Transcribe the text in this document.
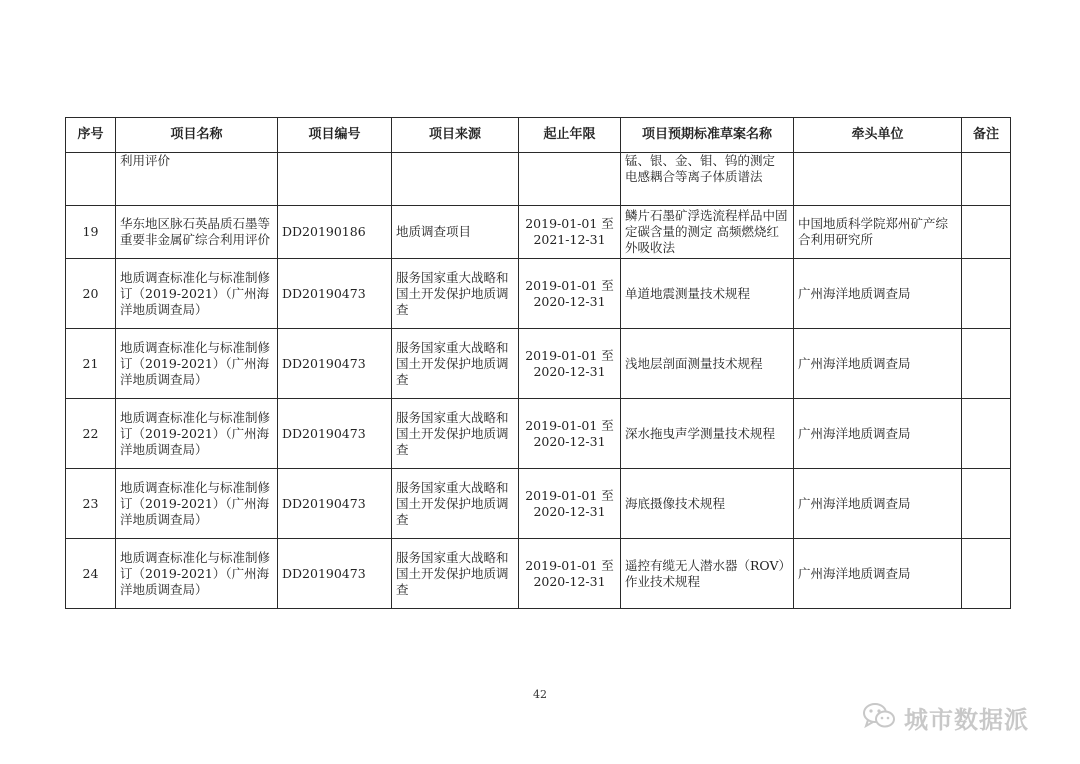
序号	项目名称	项目编号	项目来源	起止年限	项目预期标准草案名称	牵头单位	备注
	利用评价				锰、银、金、钼、钨的测定 电感耦合等离子体质谱法		
19	华东地区脉石英晶质石墨等重要非金属矿综合利用评价	DD20190186	地质调查项目	2019-01-01 至 2021-12-31	鳞片石墨矿浮选流程样品中固定碳含量的测定 高频燃烧红外吸收法	中国地质科学院郑州矿产综合利用研究所	
20	地质调查标准化与标准制修订（2019-2021）（广州海洋地质调查局）	DD20190473	服务国家重大战略和国土开发保护地质调查	2019-01-01 至 2020-12-31	单道地震测量技术规程	广州海洋地质调查局	
21	地质调查标准化与标准制修订（2019-2021）（广州海洋地质调查局）	DD20190473	服务国家重大战略和国土开发保护地质调查	2019-01-01 至 2020-12-31	浅地层剖面测量技术规程	广州海洋地质调查局	
22	地质调查标准化与标准制修订（2019-2021）（广州海洋地质调查局）	DD20190473	服务国家重大战略和国土开发保护地质调查	2019-01-01 至 2020-12-31	深水拖曳声学测量技术规程	广州海洋地质调查局	
23	地质调查标准化与标准制修订（2019-2021）（广州海洋地质调查局）	DD20190473	服务国家重大战略和国土开发保护地质调查	2019-01-01 至 2020-12-31	海底摄像技术规程	广州海洋地质调查局	
24	地质调查标准化与标准制修订（2019-2021）（广州海洋地质调查局）	DD20190473	服务国家重大战略和国土开发保护地质调查	2019-01-01 至 2020-12-31	遥控有缆无人潜水器（ROV）作业技术规程	广州海洋地质调查局	
42
城市数据派
